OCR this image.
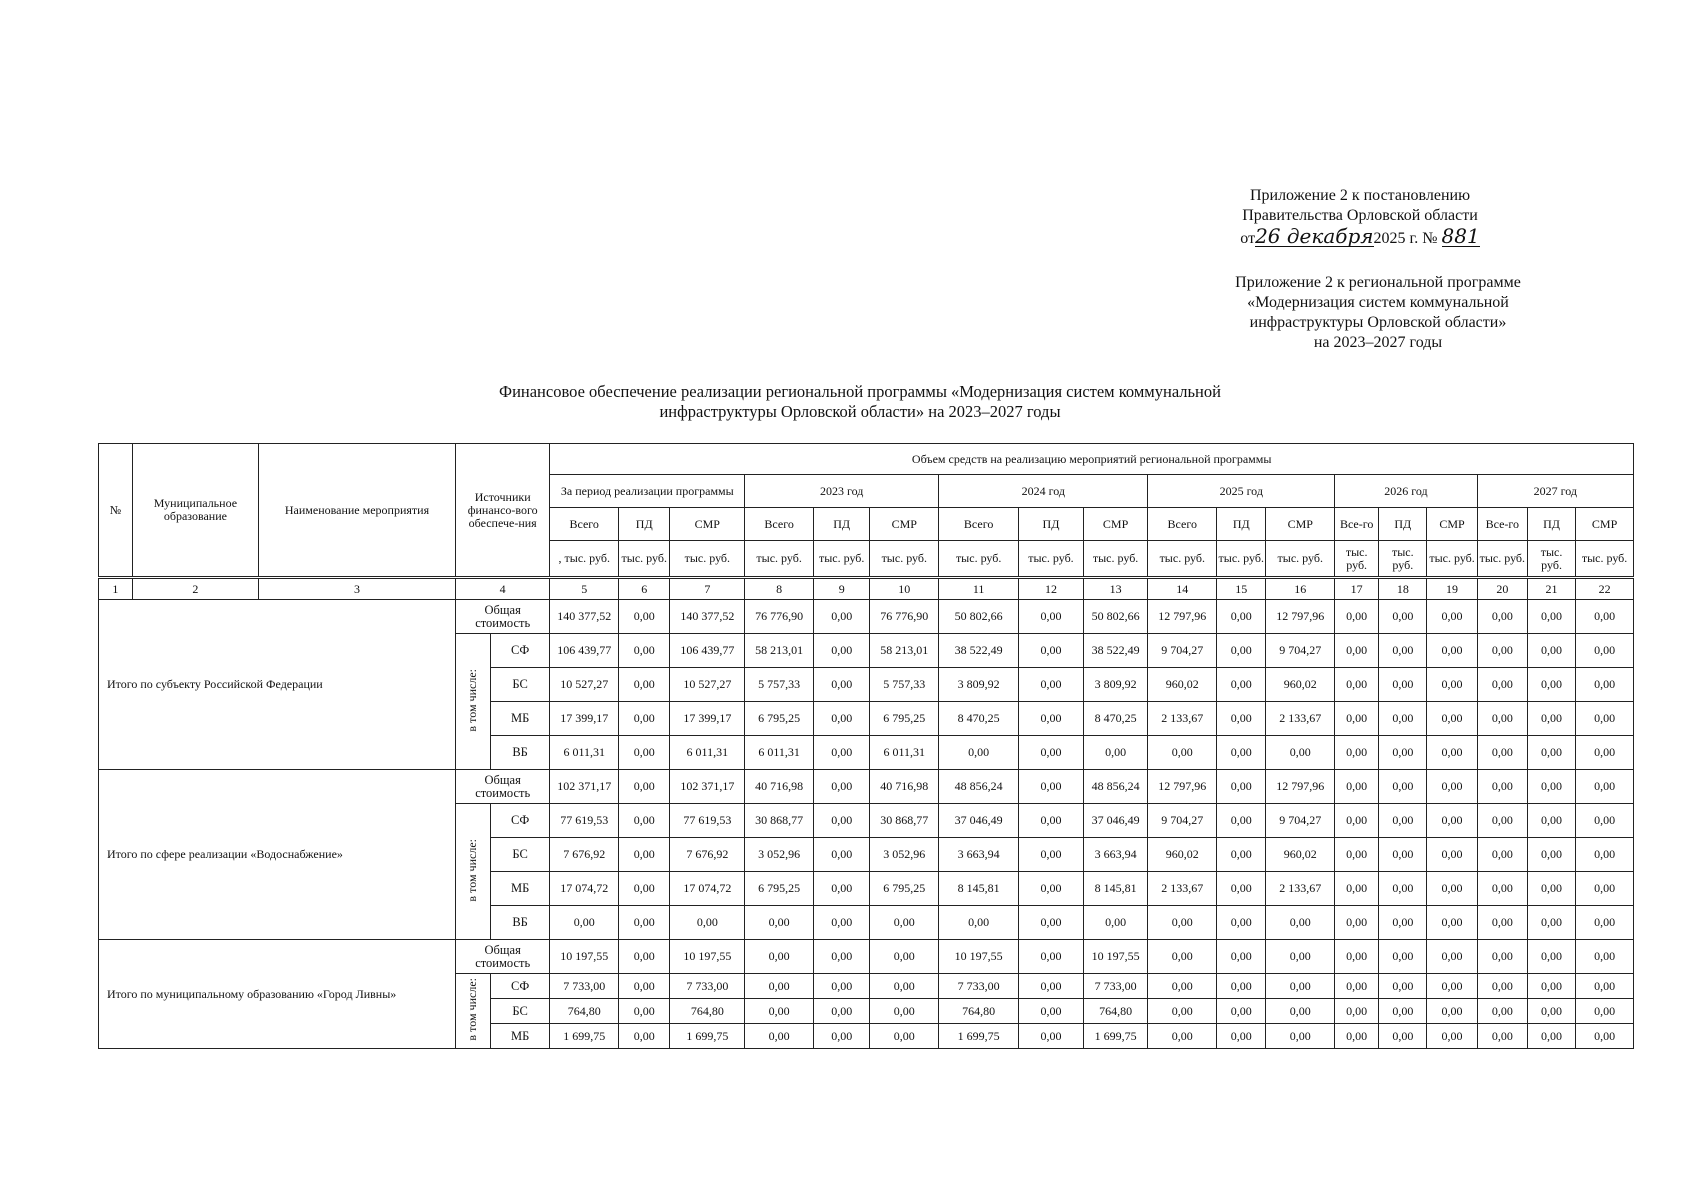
Приложение 2 к постановлению
Правительства Орловской области
от26 декабря2025 г. № 881
Приложение 2 к региональной программе
«Модернизация систем коммунальной
инфраструктуры Орловской области»
на 2023–2027 годы
Финансовое обеспечение реализации региональной программы «Модернизация систем коммунальной
инфраструктуры Орловской области» на 2023–2027 годы
№	Муниципальное образование	Наименование мероприятия	Источники финансо-вого обеспече-ния		Объем средств на реализацию мероприятий региональной программы																	
					За период реализации программы			2023 год			2024 год			2025 год			2026 год			2027 год		
					Всего	ПД	СМР	Всего	ПД	СМР	Всего	ПД	СМР	Всего	ПД	СМР	Все-го	ПД	СМР	Все-го	ПД	СМР
					, тыс. руб.	тыс. руб.	тыс. руб.	тыс. руб.	тыс. руб.	тыс. руб.	тыс. руб.	тыс. руб.	тыс. руб.	тыс. руб.	тыс. руб.	тыс. руб.	тыс. руб.	тыс. руб.	тыс. руб.	тыс. руб.	тыс. руб.	тыс. руб.
1	2	3	4		5	6	7	8	9	10	11	12	13	14	15	16	17	18	19	20	21	22
Итого по субъекту Российской Федерации			Общая стоимость		140 377,52	0,00	140 377,52	76 776,90	0,00	76 776,90	50 802,66	0,00	50 802,66	12 797,96	0,00	12 797,96	0,00	0,00	0,00	0,00	0,00	0,00
			в том числе:	СФ	106 439,77	0,00	106 439,77	58 213,01	0,00	58 213,01	38 522,49	0,00	38 522,49	9 704,27	0,00	9 704,27	0,00	0,00	0,00	0,00	0,00	0,00
				БС	10 527,27	0,00	10 527,27	5 757,33	0,00	5 757,33	3 809,92	0,00	3 809,92	960,02	0,00	960,02	0,00	0,00	0,00	0,00	0,00	0,00
				МБ	17 399,17	0,00	17 399,17	6 795,25	0,00	6 795,25	8 470,25	0,00	8 470,25	2 133,67	0,00	2 133,67	0,00	0,00	0,00	0,00	0,00	0,00
				ВБ	6 011,31	0,00	6 011,31	6 011,31	0,00	6 011,31	0,00	0,00	0,00	0,00	0,00	0,00	0,00	0,00	0,00	0,00	0,00	0,00
Итого по сфере реализации «Водоснабжение»			Общая стоимость		102 371,17	0,00	102 371,17	40 716,98	0,00	40 716,98	48 856,24	0,00	48 856,24	12 797,96	0,00	12 797,96	0,00	0,00	0,00	0,00	0,00	0,00
			в том числе:	СФ	77 619,53	0,00	77 619,53	30 868,77	0,00	30 868,77	37 046,49	0,00	37 046,49	9 704,27	0,00	9 704,27	0,00	0,00	0,00	0,00	0,00	0,00
				БС	7 676,92	0,00	7 676,92	3 052,96	0,00	3 052,96	3 663,94	0,00	3 663,94	960,02	0,00	960,02	0,00	0,00	0,00	0,00	0,00	0,00
				МБ	17 074,72	0,00	17 074,72	6 795,25	0,00	6 795,25	8 145,81	0,00	8 145,81	2 133,67	0,00	2 133,67	0,00	0,00	0,00	0,00	0,00	0,00
				ВБ	0,00	0,00	0,00	0,00	0,00	0,00	0,00	0,00	0,00	0,00	0,00	0,00	0,00	0,00	0,00	0,00	0,00	0,00
Итого по муниципальному образованию «Город Ливны»			Общая стоимость		10 197,55	0,00	10 197,55	0,00	0,00	0,00	10 197,55	0,00	10 197,55	0,00	0,00	0,00	0,00	0,00	0,00	0,00	0,00	0,00
			в том числе:	СФ	7 733,00	0,00	7 733,00	0,00	0,00	0,00	7 733,00	0,00	7 733,00	0,00	0,00	0,00	0,00	0,00	0,00	0,00	0,00	0,00
				БС	764,80	0,00	764,80	0,00	0,00	0,00	764,80	0,00	764,80	0,00	0,00	0,00	0,00	0,00	0,00	0,00	0,00	0,00
				МБ	1 699,75	0,00	1 699,75	0,00	0,00	0,00	1 699,75	0,00	1 699,75	0,00	0,00	0,00	0,00	0,00	0,00	0,00	0,00	0,00
